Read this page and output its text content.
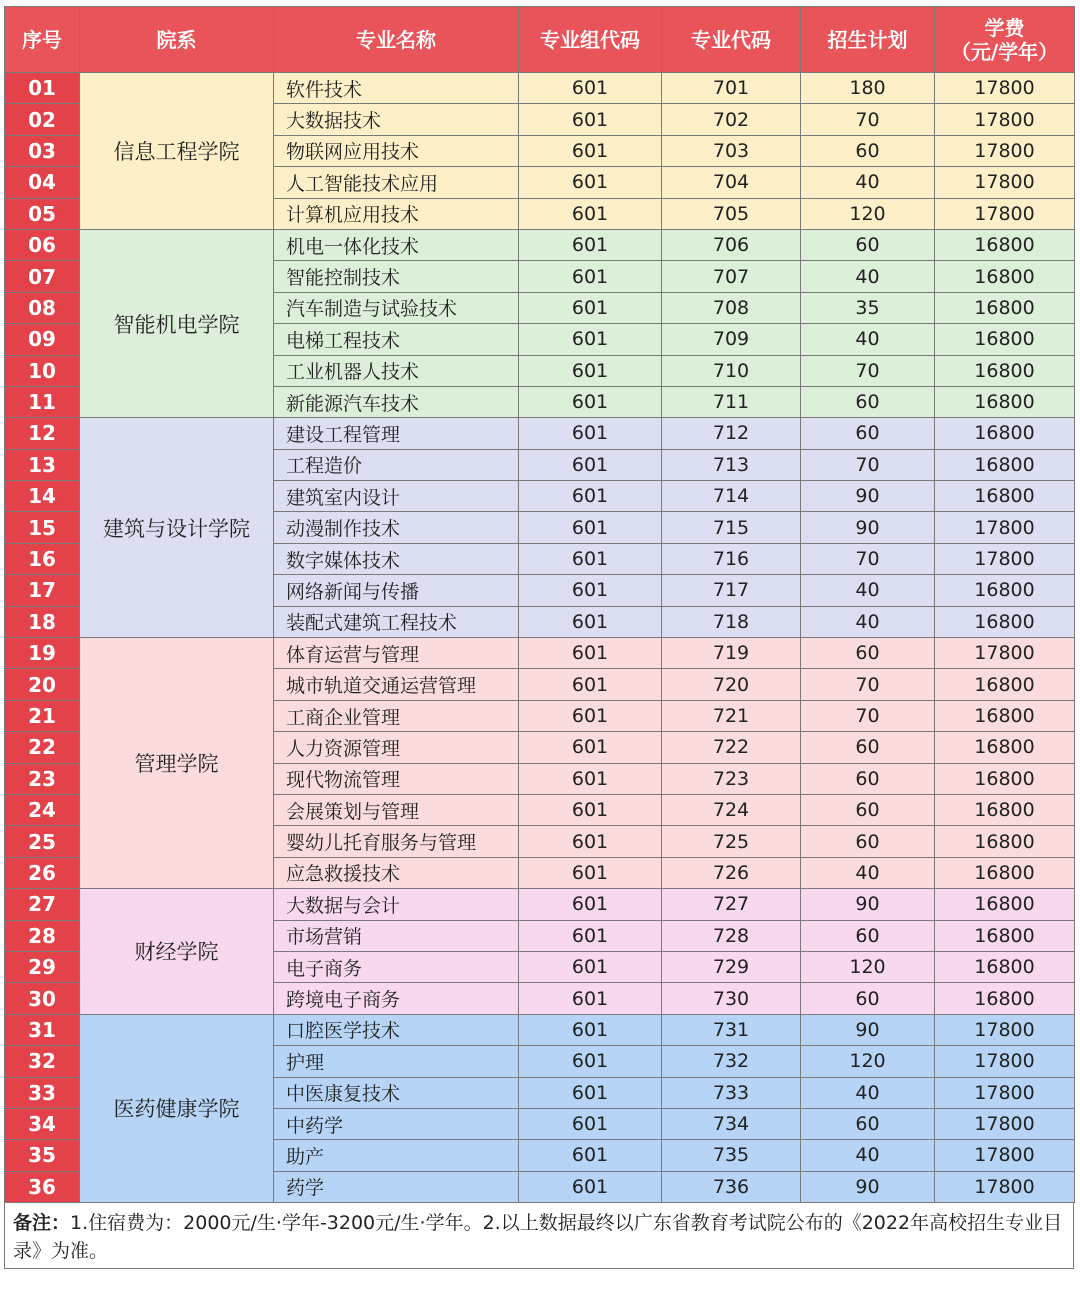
序号	院系	专业名称	专业组代码	专业代码	招生计划	学费
（元/学年）

01	信息工程学院	软件技术	601	701	180	17800
02		大数据技术	601	702	70	17800
03		物联网应用技术	601	703	60	17800
04		人工智能技术应用	601	704	40	17800
05		计算机应用技术	601	705	120	17800
06	智能机电学院	机电一体化技术	601	706	60	16800
07		智能控制技术	601	707	40	16800
08		汽车制造与试验技术	601	708	35	16800
09		电梯工程技术	601	709	40	16800
10		工业机器人技术	601	710	70	16800
11		新能源汽车技术	601	711	60	16800
12	建筑与设计学院	建设工程管理	601	712	60	16800
13		工程造价	601	713	70	16800
14		建筑室内设计	601	714	90	16800
15		动漫制作技术	601	715	90	17800
16		数字媒体技术	601	716	70	17800
17		网络新闻与传播	601	717	40	16800
18		装配式建筑工程技术	601	718	40	16800
19	管理学院	体育运营与管理	601	719	60	17800
20		城市轨道交通运营管理	601	720	70	16800
21		工商企业管理	601	721	70	16800
22		人力资源管理	601	722	60	16800
23		现代物流管理	601	723	60	16800
24		会展策划与管理	601	724	60	16800
25		婴幼儿托育服务与管理	601	725	60	16800
26		应急救援技术	601	726	40	16800
27	财经学院	大数据与会计	601	727	90	16800
28		市场营销	601	728	60	16800
29		电子商务	601	729	120	16800
30		跨境电子商务	601	730	60	16800
31	医药健康学院	口腔医学技术	601	731	90	17800
32		护理	601	732	120	17800
33		中医康复技术	601	733	40	17800
34		中药学	601	734	60	17800
35		助产	601	735	40	17800
36		药学	601	736	90	17800
备注：1.住宿费为：2000元/生·学年-3200元/生·学年。2.以上数据最终以广东省教育考试院公布的《2022年高校招生专业目录》为准。
